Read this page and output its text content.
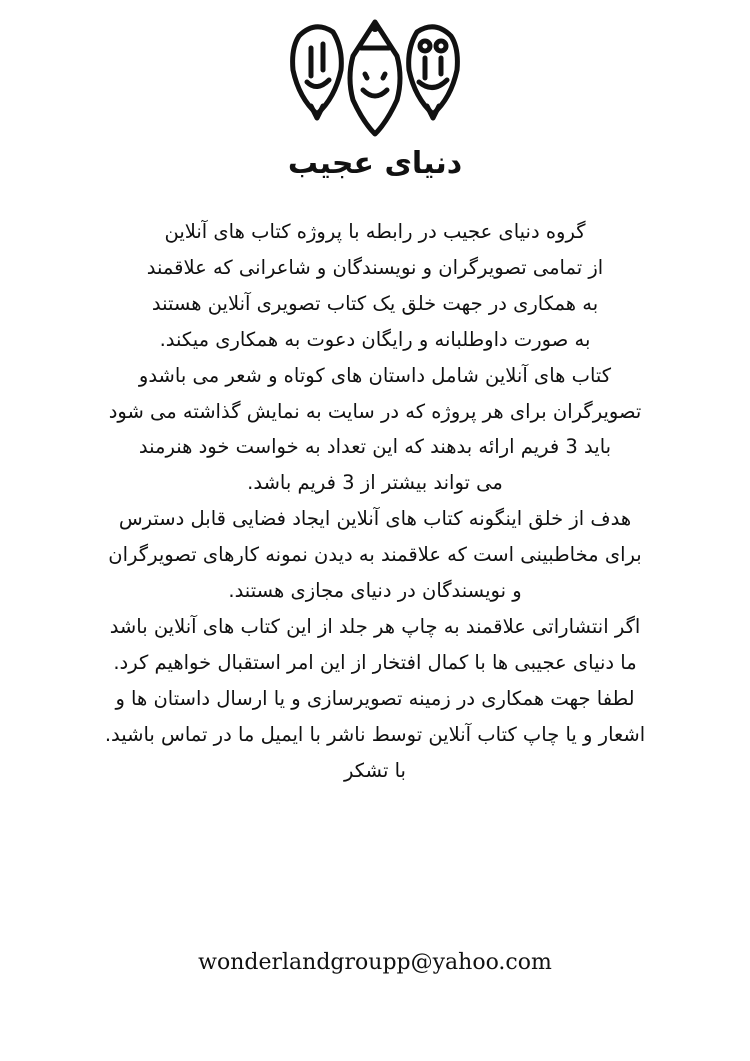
دنیای عجیب

گروه دنیای عجیب در رابطه با پروژه کتاب های آنلاین
از تمامی تصویرگران و نویسندگان و شاعرانی که علاقمند
به همکاری در جهت خلق یک کتاب تصویری آنلاین هستند
به صورت داوطلبانه و رایگان دعوت به همکاری میکند.
کتاب های آنلاین شامل داستان های کوتاه و شعر می باشدو
تصویرگران برای هر پروژه که در سایت به نمایش گذاشته می شود
باید 3 فریم ارائه بدهند که این تعداد به خواست خود هنرمند
می تواند بیشتر از 3 فریم باشد.
هدف از خلق اینگونه کتاب های آنلاین ایجاد فضایی قابل دسترس
برای مخاطبینی است که علاقمند به دیدن نمونه کارهای تصویرگران
و نویسندگان در دنیای مجازی هستند.
اگر انتشاراتی علاقمند به چاپ هر جلد از این کتاب های آنلاین باشد
ما دنیای عجیبی ها با کمال افتخار از این امر استقبال خواهیم کرد.
لطفا جهت همکاری در زمینه تصویرسازی و یا ارسال داستان ها و
اشعار و یا چاپ کتاب آنلاین توسط ناشر با ایمیل ما در تماس باشید.
با تشکر

wonderlandgroupp@yahoo.com
